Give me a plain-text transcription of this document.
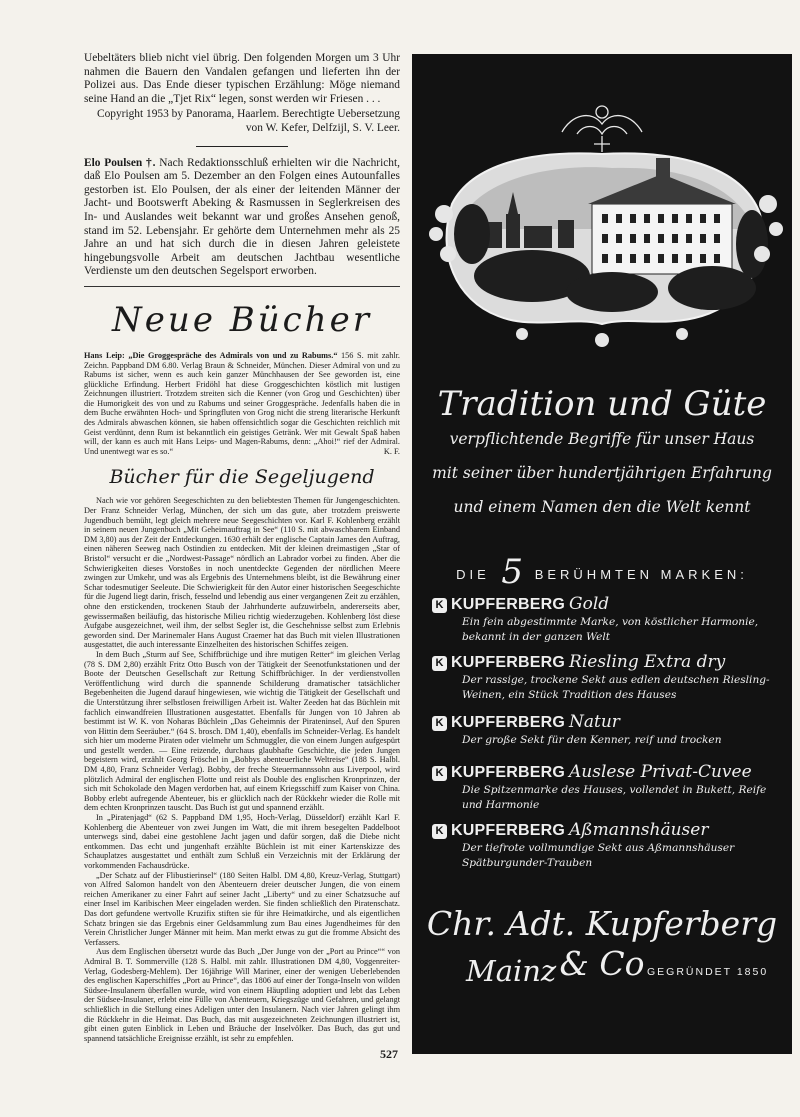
Uebeltäters blieb nicht viel übrig. Den folgenden Morgen um 3 Uhr nahmen die Bauern den Vandalen gefangen und lieferten ihn der Polizei aus. Das Ende dieser typischen Erzählung: Möge niemand seine Hand an die „Tjet Rix“ legen, sonst werden wir Friesen . . .

Copyright 1953 by Panorama, Haarlem. Berechtigte Uebersetzung von W. Kefer, Delfzijl, S. V. Leer.

Elo Poulsen †. Nach Redaktionsschluß erhielten wir die Nachricht, daß Elo Poulsen am 5. Dezember an den Folgen eines Autounfalles gestorben ist. Elo Poulsen, der als einer der leitenden Männer der Jacht- und Bootswerft Abeking & Rasmussen in Seglerkreisen des In- und Auslandes weit bekannt war und großes Ansehen genoß, stand im 52. Lebensjahr. Er gehörte dem Unternehmen mehr als 25 Jahre an und hat sich durch die in diesen Jahren geleistete hingebungsvolle Arbeit am deutschen Jachtbau wesentliche Verdienste um den deutschen Segelsport erworben.

Neue Bücher

Hans Leip: „Die Groggespräche des Admirals von und zu Rabums.“ 156 S. mit zahlr. Zeichn. Pappband DM 6.80. Verlag Braun & Schneider, München. Dieser Admiral von und zu Rabums ist sicher, wenn es auch kein ganzer Münchhausen der See geworden ist, eine glückliche Erfindung. Herbert Fridöhl hat diese Groggeschichten köstlich mit lustigen Zeichnungen illustriert. Trotzdem streiten sich die Kenner (von Grog und Geschichten) über die Humorigkeit des von und zu Rabums und seiner Groggespräche. Jedenfalls haben die in dem Buche erwähnten Hoch- und Springfluten von Grog nicht die streng literarische Herkunft des Admirals abwaschen können, sie haben offensichtlich sogar die Geschichten reichlich mit Geist verdünnt, denn Rum ist bekanntlich ein geistiges Getränk. Wer mit Gewalt Spaß haben will, der kann es auch mit Hans Leips- und Magen-Rabums, denn: „Ahoi!“ rief der Admiral. Und unentwegt war es so.“	K. F.

Bücher für die Segeljugend

Nach wie vor gehören Seegeschichten zu den beliebtesten Themen für Jungengeschichten. Der Franz Schneider Verlag, München, der sich um das gute, aber trotzdem preiswerte Jugendbuch bemüht, legt gleich mehrere neue Seegeschichten vor. Karl F. Kohlenberg erzählt in seinem neuen Jungenbuch „Mit Geheimauftrag in See“ (110 S. mit abwaschbarem Einband DM 3,80) aus der Zeit der Entdeckungen. 1630 erhält der englische Captain James den Auftrag, einen näheren Seeweg nach Ostindien zu entdecken. Mit der kleinen dreimastigen „Star of Bristol“ versucht er die „Nordwest-Passage“ nördlich an Labrador vorbei zu finden. Aber die Schwierigkeiten dieses Vorstoßes in noch unentdeckte Gegenden der nördlichen Meere zwingen zur Umkehr, und was als Ergebnis des Unternehmens bleibt, ist die Bewährung einer Schar todesmutiger Seeleute. Die Schwierigkeit für den Autor einer historischen Seegeschichte für die Jugend liegt darin, frisch, fesselnd und lebendig aus einer vergangenen Zeit zu erzählen, ohne den erstickenden, trockenen Staub der Jahrhunderte aufzuwirbeln, andererseits aber, gewissermaßen beiläufig, das historische Milieu richtig wiederzugeben. Kohlenberg löst diese Aufgabe ausgezeichnet, weil ihm, der selbst Segler ist, die Geschehnisse selbst zum Erlebnis geworden sind. Der Marinemaler Hans August Craemer hat das Buch mit vielen Illustrationen ausgestattet, die auch interessante Einzelheiten des historischen Schiffes zeigen.

In dem Buch „Sturm auf See, Schiffbrüchige und ihre mutigen Retter“ im gleichen Verlag (78 S. DM 2,80) erzählt Fritz Otto Busch von der Tätigkeit der Seenotfunkstationen und der Boote der Deutschen Gesellschaft zur Rettung Schiffbrüchiger. In der verdienstvollen Veröffentlichung wird durch die spannende Schilderung dramatischer tatsächlicher Begebenheiten die Jugend darauf hingewiesen, wie wichtig die Tätigkeit der Gesellschaft und die Unterstützung ihrer selbstlosen freiwilligen Arbeit ist. Walter Zeeden hat das Büchlein mit fachlich einwandfreien Illustrationen ausgestattet. Ebenfalls für Jungen von 10 Jahren ab bestimmt ist W. K. von Noharas Büchlein „Das Geheimnis der Pirateninsel, Auf den Spuren von Hittin dem Seeräuber.“ (64 S. brosch. DM 1,40), ebenfalls im Schneider-Verlag. Es handelt sich hier um moderne Piraten oder vielmehr um Schmuggler, die von einem Jungen aufgespürt und gestellt werden. — Eine reizende, durchaus glaubhafte Geschichte, die jeden Jungen begeistern wird, erzählt Georg Fröschel in „Bobbys abenteuerliche Weltreise“ (188 S. Halbl. DM 4,80, Franz Schneider Verlag). Bobby, der freche Steuermannssohn aus Liverpool, wird plötzlich Admiral der englischen Flotte und reist als Double des englischen Kronprinzen, der sich mit Schokolade den Magen verdorben hat, auf einem Kriegsschiff zum Kaiser von China. Bobby erlebt aufregende Abenteuer, bis er glücklich nach der Rückkehr wieder die Rolle mit dem echten Kronprinzen tauscht. Das Buch ist gut und spannend erzählt.

In „Piratenjagd“ (62 S. Pappband DM 1,95, Hoch-Verlag, Düsseldorf) erzählt Karl F. Kohlenberg die Abenteuer von zwei Jungen im Watt, die mit ihrem besegelten Paddelboot unterwegs sind, dabei eine gestohlene Jacht jagen und dafür sorgen, daß die Diebe nicht entkommen. Das echt und jungenhaft erzählte Büchlein ist mit einer Kartenskizze des Schauplatzes ausgestattet und enthält zum Schluß ein Verzeichnis mit der Erklärung der vorkommenden Fachausdrücke.

„Der Schatz auf der Flibustierinsel“ (180 Seiten Halbl. DM 4,80, Kreuz-Verlag, Stuttgart) von Alfred Salomon handelt von den Abenteuern dreier deutscher Jungen, die von einem reichen Amerikaner zu einer Fahrt auf seiner Jacht „Liberty“ und zu einer Schatzsuche auf einer Insel im Karibischen Meer eingeladen werden. Sie finden schließlich den Piratenschatz. Das dort gefundene wertvolle Kruzifix stiften sie für ihre Heimatkirche, und als eigentlichen Schatz bringen sie das Ergebnis einer Geldsammlung zum Bau eines Jugendheimes für den Verein Christlicher Junger Männer mit heim. Man merkt etwas zu gut die fromme Absicht des Verfassers.

Aus dem Englischen übersetzt wurde das Buch „Der Junge von der „Port au Prince““ von Admiral B. T. Sommerville (128 S. Halbl. mit zahlr. Illustrationen DM 4,80, Voggenreiter-Verlag, Godesberg-Mehlem). Der 16jährige Will Mariner, einer der wenigen Ueberlebenden des englischen Kaperschiffes „Port au Prince“, das 1806 auf einer der Tonga-Inseln von wilden Südsee-Insulanern überfallen wurde, wird von einem Häuptling adoptiert und lebt das Leben der Südsee-Insulaner, erlebt eine Fülle von Abenteuern, Kriegszüge und Gefahren, und gelangt schließlich in die Stellung eines Adeligen unter den Insulanern. Nach vier Jahren gelingt ihm die Rückkehr in die Heimat. Das Buch, das mit ausgezeichneten Zeichnungen illustriert ist, gibt einen guten Einblick in Leben und Bräuche der Inselvölker. Das Buch, das gut und spannend tatsächliche Ereignisse erzählt, ist sehr zu empfehlen.

527
Tradition und Güte
verpflichtende Begriffe für unser Haus
mit seiner über hundertjährigen Erfahrung
und einem Namen den die Welt kennt
DIE 5 BERÜHMTEN MARKEN:
K KUPFERBERG Gold
Ein fein abgestimmte Marke, von köstlicher Harmonie, bekannt in der ganzen Welt
K KUPFERBERG Riesling Extra dry
Der rassige, trockene Sekt aus edlen deutschen Riesling-Weinen, ein Stück Tradition des Hauses
K KUPFERBERG Natur
Der große Sekt für den Kenner, reif und trocken
K KUPFERBERG Auslese Privat-Cuvee
Die Spitzenmarke des Hauses, vollendet in Bukett, Reife und Harmonie
K KUPFERBERG Aßmannshäuser
Der tiefrote vollmundige Sekt aus Aßmannshäuser Spätburgunder-Trauben
Chr. Adt. Kupferberg & Co
Mainz	GEGRÜNDET 1850
